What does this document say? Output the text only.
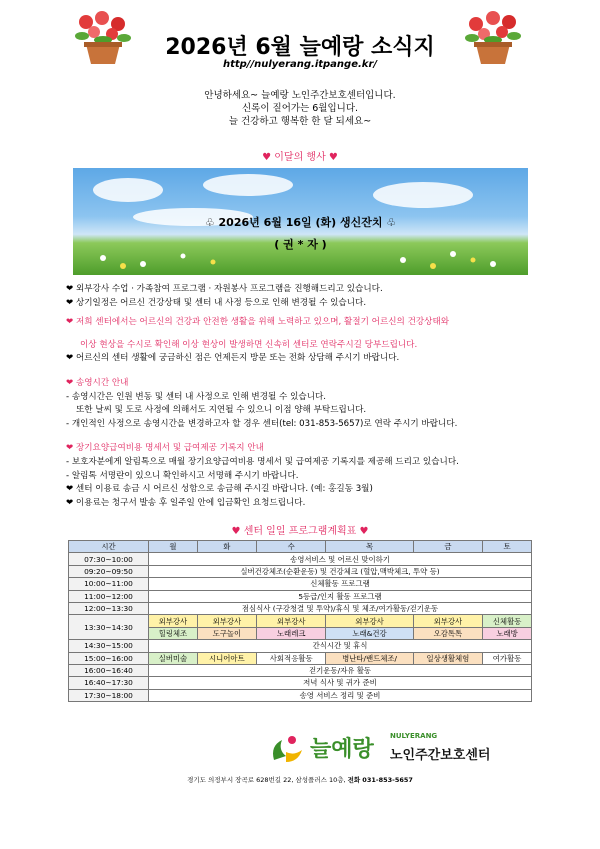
2026년 6월 늘예랑 소식지
http//nulyerang.itpange.kr/
안녕하세요~ 늘예랑 노인주간보호센터입니다.
신록이 짙어가는 6월입니다.
늘 건강하고 행복한 한 달 되세요~
♥ 이달의 행사 ♥
♧ 2026년 6월 16일 (화) 생신잔치 ♧
( 권 * 자 )

❤ 외부강사 수업 · 가족참여 프로그램 · 자원봉사 프로그램을 진행해드리고 있습니다.

❤ 상기일정은 어르신 건강상태 및 센터 내 사정 등으로 인해 변경될 수 있습니다.

❤ 저희 센터에서는 어르신의 건강과 안전한 생활을 위해 노력하고 있으며, 활절기 어르신의 건강상태와

이상 현상을 수시로 확인해 이상 현상이 발생하면 신속히 센터로 연락주시길 당부드립니다.

❤ 어르신의 센터 생활에 궁금하신 점은 언제든지 방문 또는 전화 상담해 주시기 바랍니다.

❤ 송영시간 안내

- 송영시간은 인원 변동 및 센터 내 사정으로 인해 변경될 수 있습니다.

또한 날씨 및 도로 사정에 의해서도 지연될 수 있으니 이점 양해 부탁드립니다.

- 개인적인 사정으로 송영시간을 변경하고자 할 경우 센터(tel: 031-853-5657)로 연락 주시기 바랍니다.

❤ 장기요양급여비용 명세서 및 급여제공 기록지 안내

- 보호자분에게 알림톡으로 매월 장기요양급여비용 명세서 및 급여제공 기록지를 제공해 드리고 있습니다.

- 알림톡 서명란이 있으니 확인하시고 서명해 주시기 바랍니다.

❤ 센터 이용료 송금 시 어르신 성함으로 송금해 주시길 바랍니다. (예: 홍길동 3월)

❤ 이용료는 청구서 발송 후 일주일 안에 입금확인 요청드립니다.

♥ 센터 일일 프로그램계획표 ♥
시간	월	화	수	목	금	토
07:30~10:00	송영서비스 및 어르신 맞이하기					
09:20~09:50	실버건강체조(순환운동) 및 건강체크 (혈압,맥박체크, 투약 등)					
10:00~11:00	신체활동 프로그램					
11:00~12:00	5등급/인지 활동 프로그램					
12:00~13:30	점심식사 (구강청결 및 투약)/휴식 및 체조/여가활동/걷기운동					
13:30~14:30	외부강사	외부강사	외부강사	외부강사	외부강사	신체활동
	힐링체조	도구놀이	노래레크	노래&건강	오감톡톡	노래방
14:30~15:00	간식시간 및 휴식					
15:00~16:00	실버미술	시니어아트	사회적응활동	병난타/밴드체조/	일상생활체험	여가활동
16:00~16:40	걷기운동/자유 활동					
16:40~17:30	저녁 식사 및 귀가 준비					
17:30~18:00	송영 서비스 정리 및 준비					
늘예랑
NULYERANG
노인주간보호센터
경기도 의정부시 장곡로 628번길 22, 삼성플러스 10층, 전화 031-853-5657
